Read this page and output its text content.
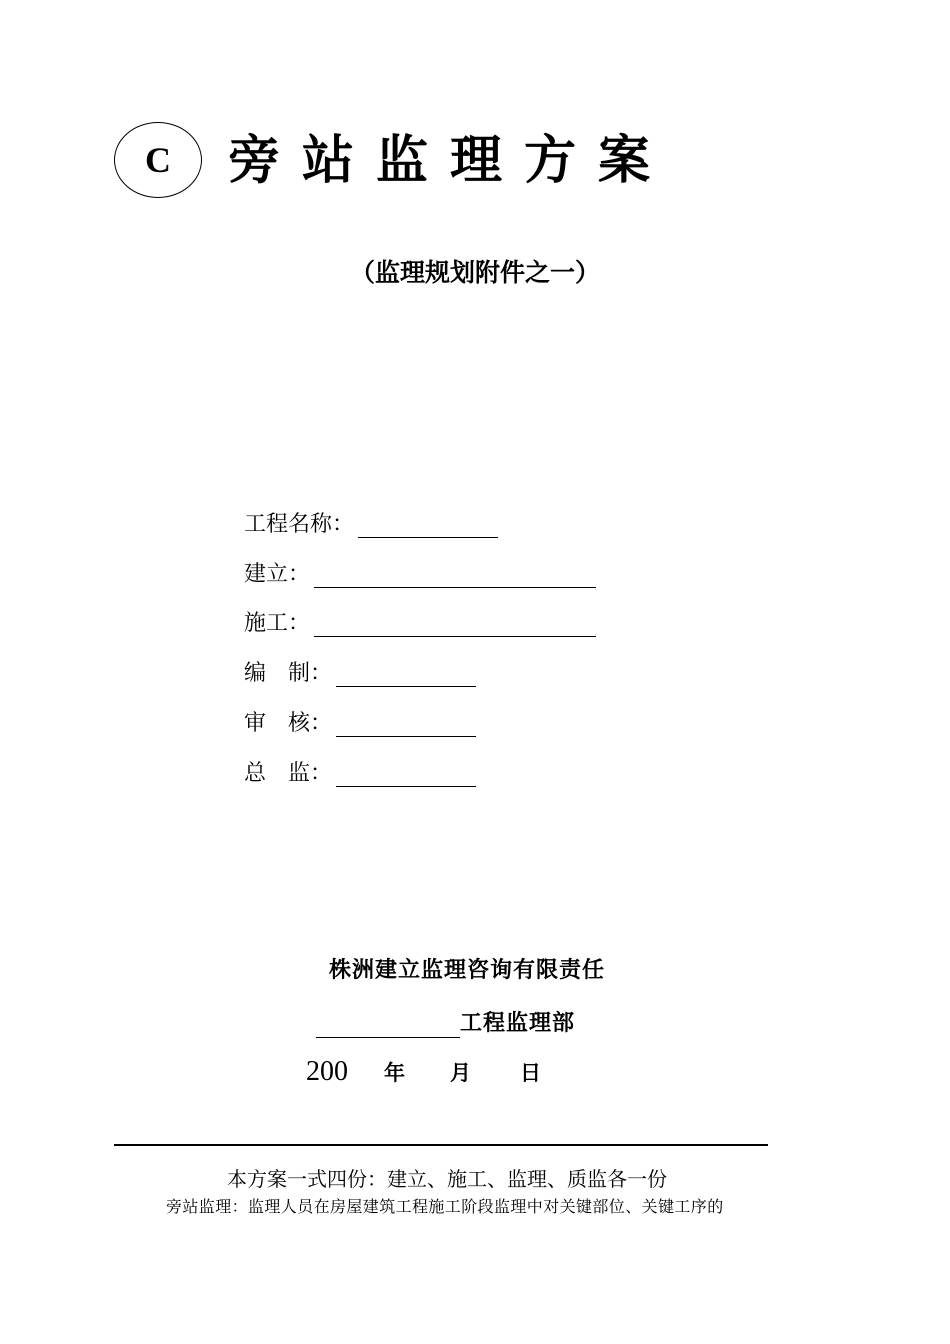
C 旁站监理方案
（监理规划附件之一）
工程名称：
建立：
施工：
编　制：
审　核：
总　监：
株洲建立监理咨询有限责任
工程监理部
200	年	月	日
本方案一式四份：建立、施工、监理、质监各一份
旁站监理：监理人员在房屋建筑工程施工阶段监理中对关键部位、关键工序的
